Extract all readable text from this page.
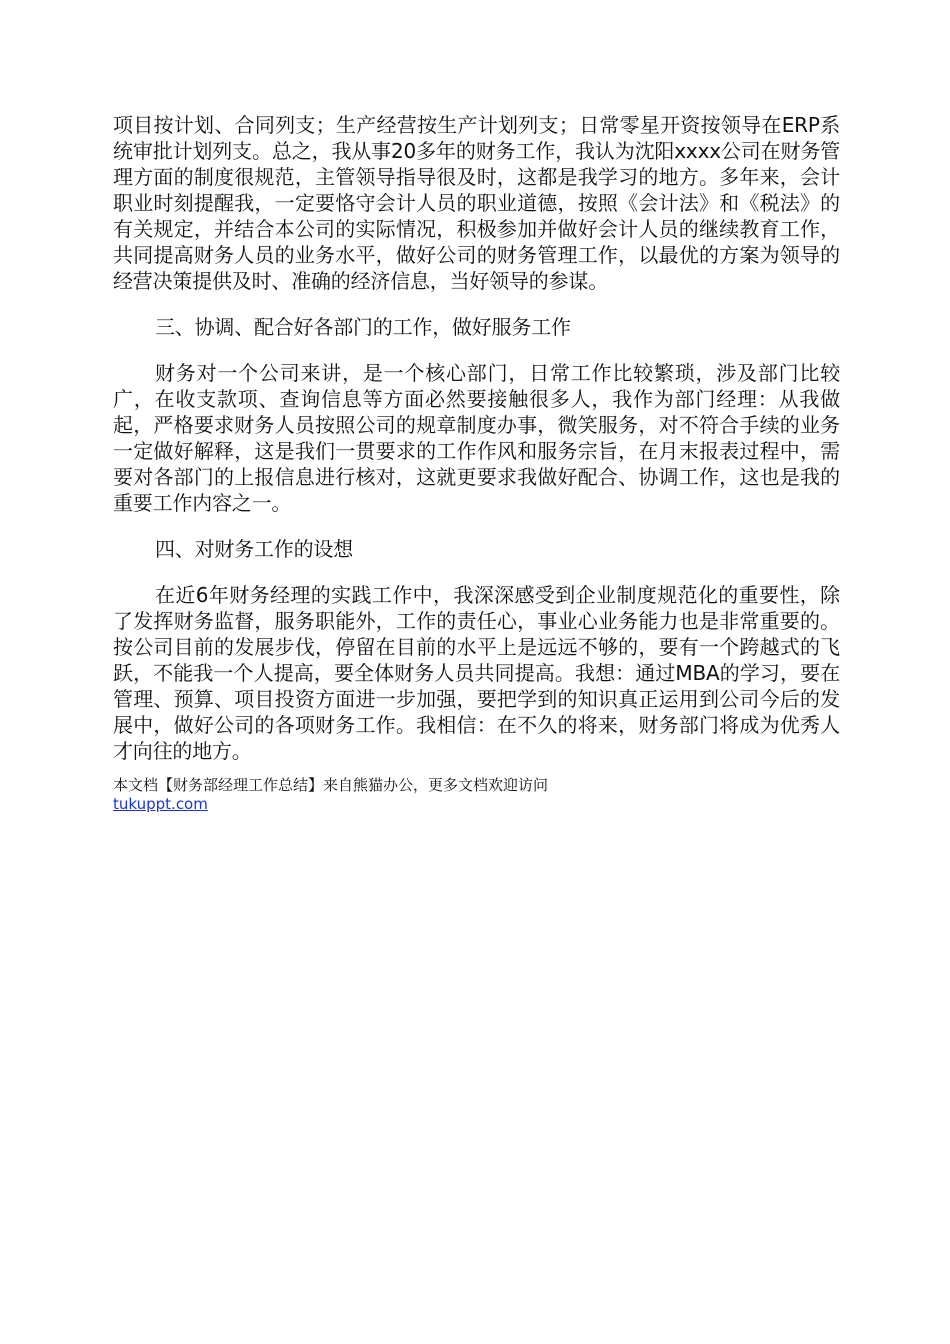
项目按计划、合同列支；生产经营按生产计划列支；日常零星开资按领导在ERP系统审批计划列支。总之，我从事20多年的财务工作，我认为沈阳xxxx公司在财务管理方面的制度很规范，主管领导指导很及时，这都是我学习的地方。多年来，会计职业时刻提醒我，一定要恪守会计人员的职业道德，按照《会计法》和《税法》的有关规定，并结合本公司的实际情况，积极参加并做好会计人员的继续教育工作，共同提高财务人员的业务水平，做好公司的财务管理工作，以最优的方案为领导的经营决策提供及时、准确的经济信息，当好领导的参谋。

三、协调、配合好各部门的工作，做好服务工作

财务对一个公司来讲，是一个核心部门，日常工作比较繁琐，涉及部门比较广，在收支款项、查询信息等方面必然要接触很多人，我作为部门经理：从我做起，严格要求财务人员按照公司的规章制度办事，微笑服务，对不符合手续的业务一定做好解释，这是我们一贯要求的工作作风和服务宗旨，在月末报表过程中，需要对各部门的上报信息进行核对，这就更要求我做好配合、协调工作，这也是我的重要工作内容之一。

四、对财务工作的设想

在近6年财务经理的实践工作中，我深深感受到企业制度规范化的重要性，除了发挥财务监督，服务职能外，工作的责任心，事业心业务能力也是非常重要的。按公司目前的发展步伐，停留在目前的水平上是远远不够的，要有一个跨越式的飞跃，不能我一个人提高，要全体财务人员共同提高。我想：通过MBA的学习，要在管理、预算、项目投资方面进一步加强，要把学到的知识真正运用到公司今后的发展中，做好公司的各项财务工作。我相信：在不久的将来，财务部门将成为优秀人才向往的地方。

本文档【财务部经理工作总结】来自熊猫办公，更多文档欢迎访问
tukuppt.com
